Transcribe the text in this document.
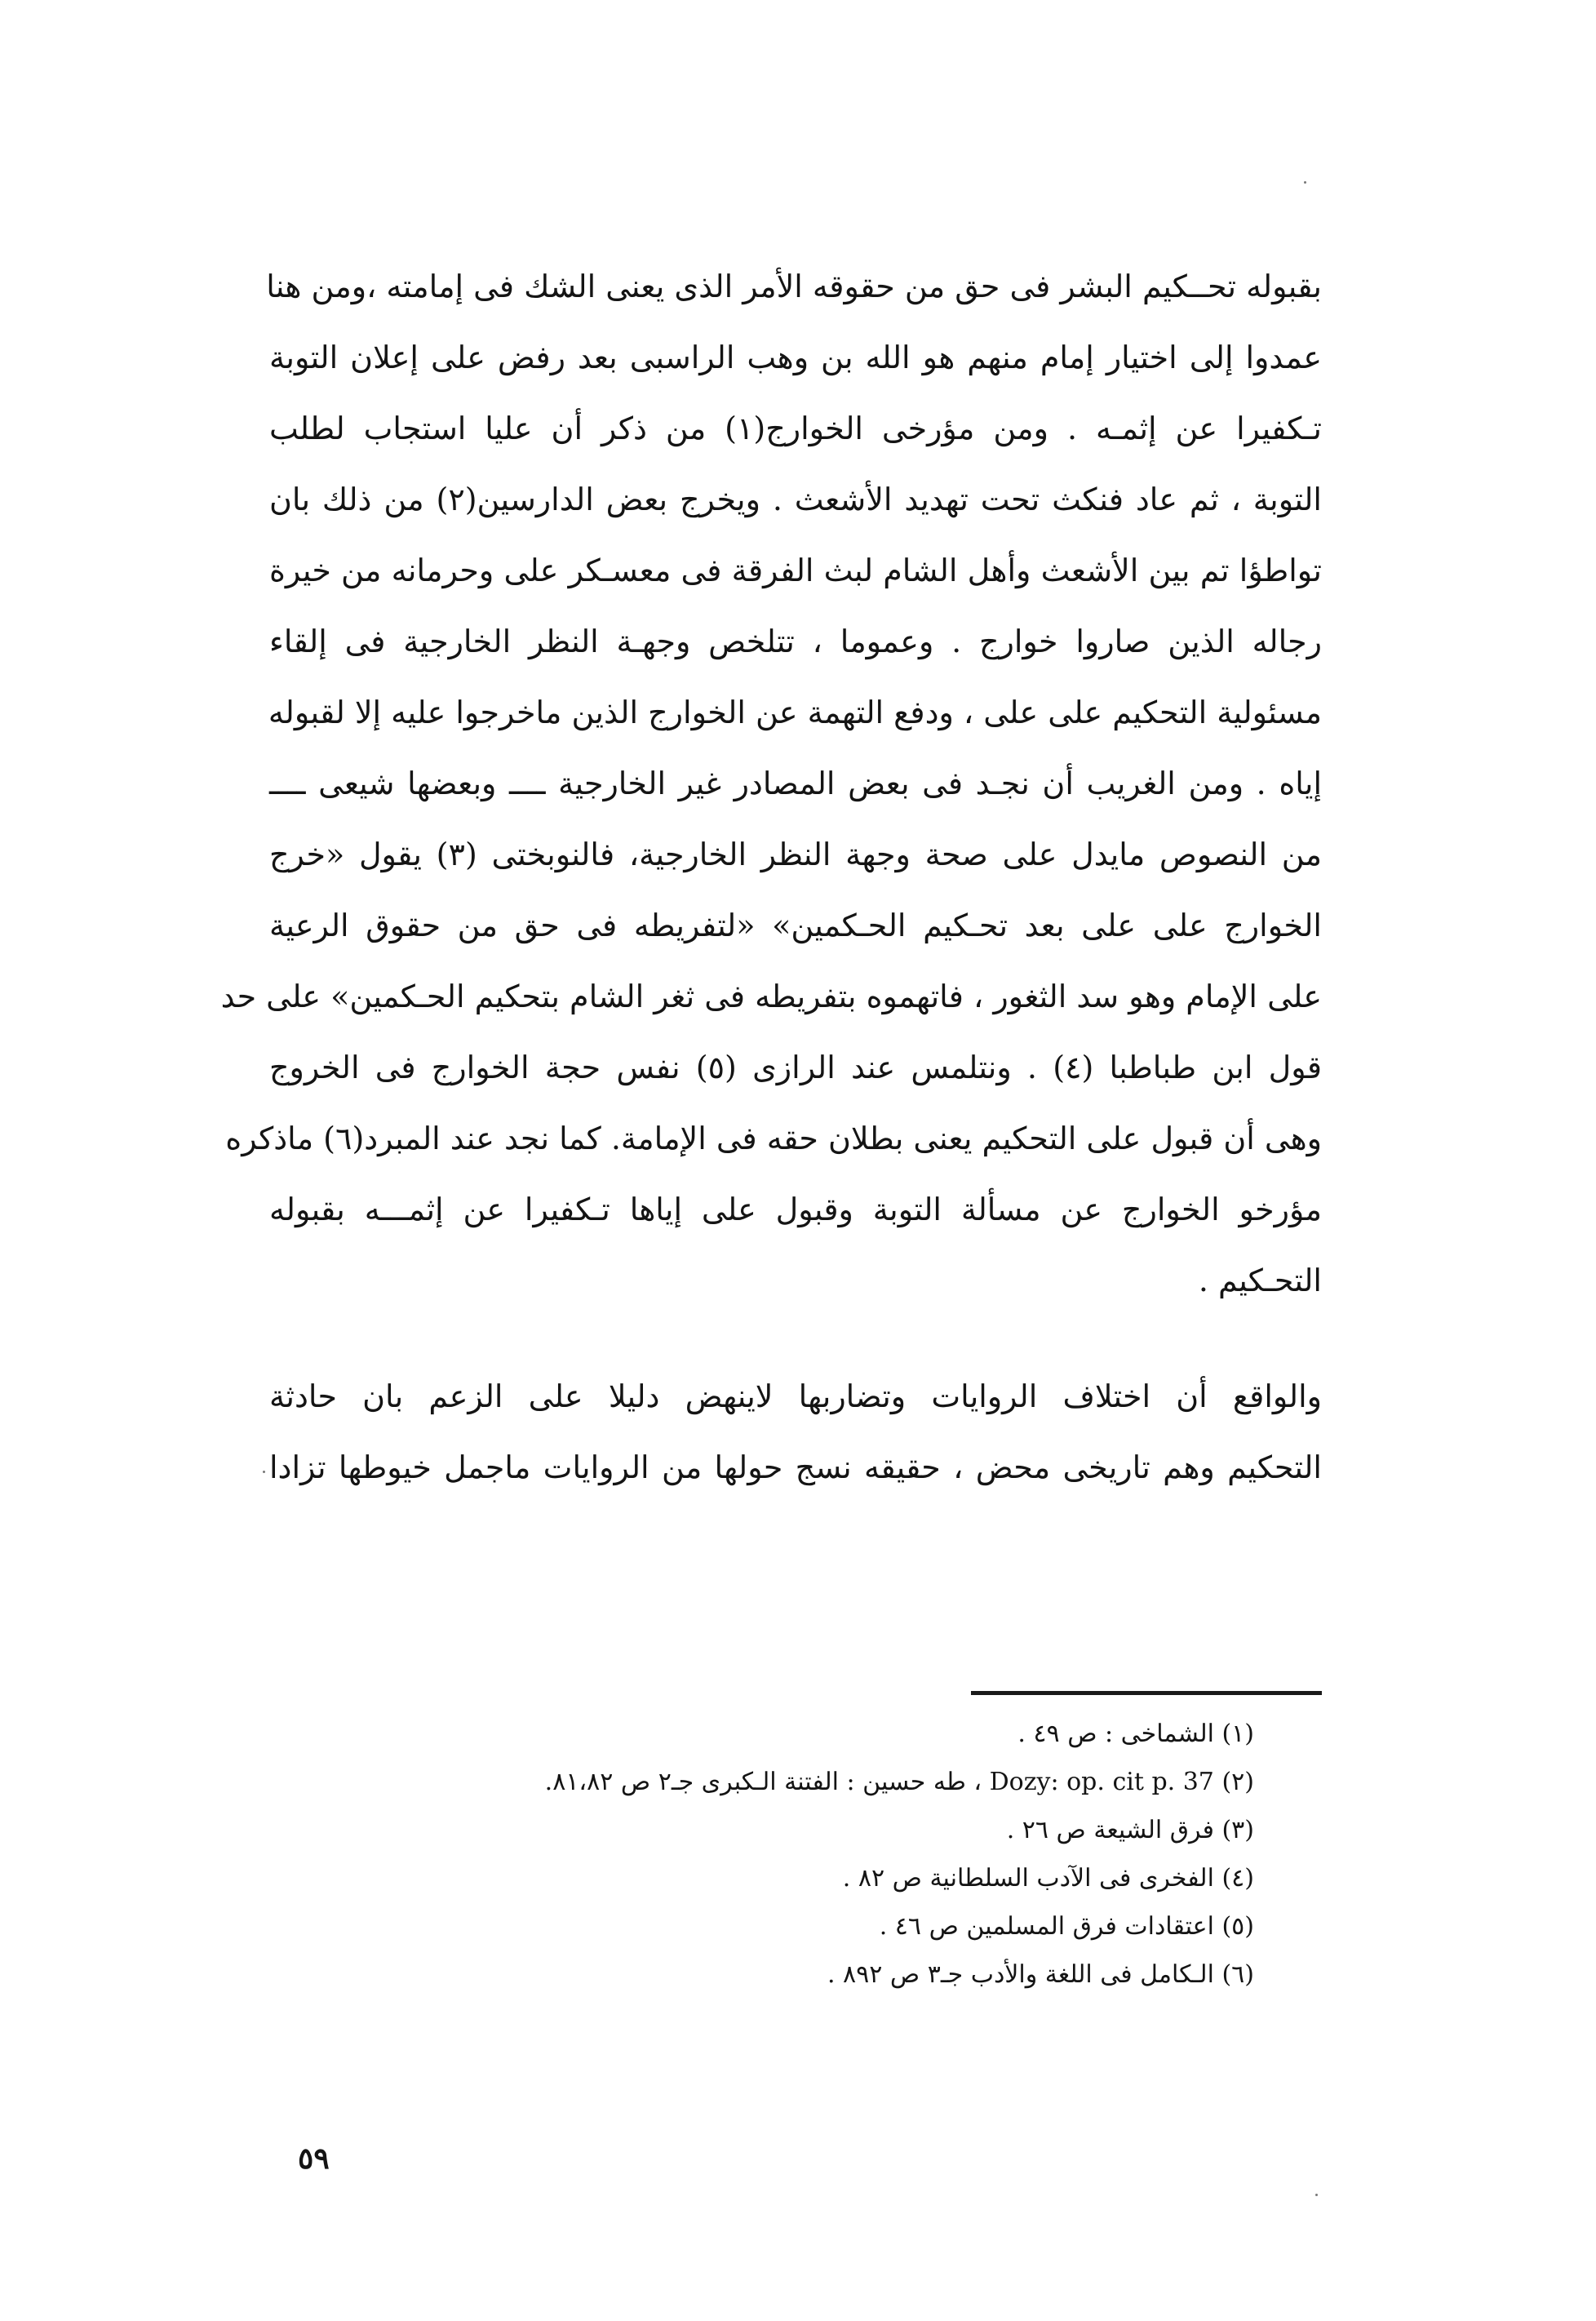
بقبوله تحــكيم البشر فى حق من حقوقه الأمر الذى يعنى الشك فى إمامته ،ومن هنا
عمدوا إلى اختيار إمام منهم هو الله بن وهب الراسبى بعد رفض على إعلان التوبة
تـكفيرا عن إثمـه . ومن مؤرخى الخوارج(١) من ذكر أن عليا استجاب لطلب
التوبة ، ثم عاد فنكث تحت تهديد الأشعث . ويخرج بعض الدارسين(٢) من ذلك بان
تواطؤا تم بين الأشعث وأهل الشام لبث الفرقة فى معسـكر على وحرمانه من خيرة
رجاله الذين صاروا خوارج . وعموما ، تتلخص وجهـة النظر الخارجية فى إلقاء
مسئولية التحكيم على على ، ودفع التهمة عن الخوارج الذين ماخرجوا عليه إلا لقبوله
إياه . ومن الغريب أن نجـد فى بعض المصادر غير الخارجية ــــ وبعضها شيعى ــــ
من النصوص مايدل على صحة وجهة النظر الخارجية، فالنوبختى (٣) يقول «خرج
الخوارج على على بعد تحـكيم الحـكمين» «لتفريطه فى حق من حقوق الرعية
على الإمام وهو سد الثغور ، فاتهموه بتفريطه فى ثغر الشام بتحكيم الحـكمين» على حد
قول ابن طباطبا (٤) . ونتلمس عند الرازى (٥) نفس حجة الخوارج فى الخروج
وهى أن قبول على التحكيم يعنى بطلان حقه فى الإمامة. كما نجد عند المبرد(٦) ماذكره
مؤرخو الخوارج عن مسألة التوبة وقبول على إياها تـكفيرا عن إثمـــه بقبوله
التحـكيم .
والواقع أن اختلاف الروايات وتضاربها لاينهض دليلا على الزعم بان حادثة
التحكيم وهم تاريخى محض ، حقيقه نسج حولها من الروايات ماجمل خيوطها تزادا
(١) الشماخى : ص ٤٩ .
(٢) Dozy: op. cit p. 37 ، طه حسين : الفتنة الـكبرى جـ٢ ص ٨١،٨٢.
(٣) فرق الشيعة ص ٢٦ .
(٤) الفخرى فى الآدب السلطانية ص ٨٢ .
(٥) اعتقادات فرق المسلمين ص ٤٦ .
(٦) الـكامل فى اللغة والأدب جـ٣ ص ٨٩٢ .
٥٩
